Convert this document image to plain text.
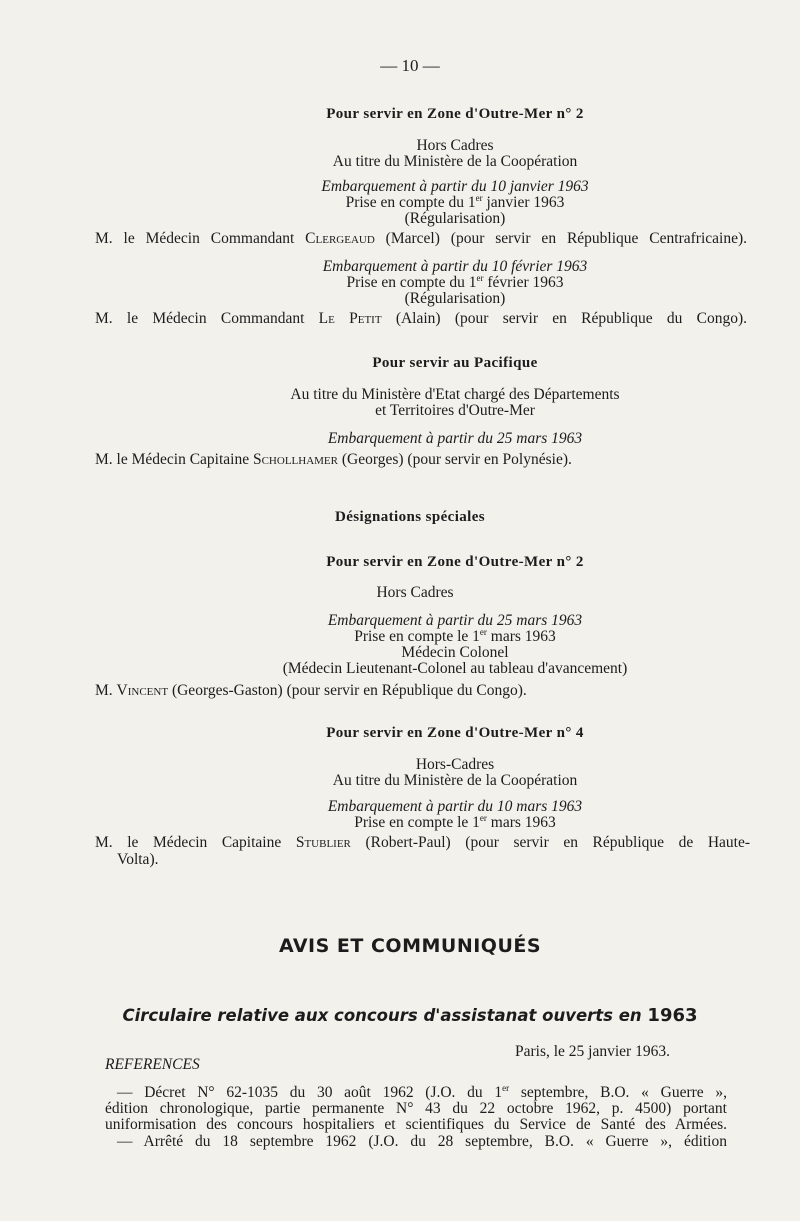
— 10 —
Pour servir en Zone d'Outre-Mer n° 2
Hors Cadres
Au titre du Ministère de la Coopération
Embarquement à partir du 10 janvier 1963
Prise en compte du 1er janvier 1963
(Régularisation)
M. le Médecin Commandant Clergeaud (Marcel) (pour servir en République Centrafricaine).
Embarquement à partir du 10 février 1963
Prise en compte du 1er février 1963
(Régularisation)
M. le Médecin Commandant Le Petit (Alain) (pour servir en République du Congo).
Pour servir au Pacifique
Au titre du Ministère d'Etat chargé des Départements
et Territoires d'Outre-Mer
Embarquement à partir du 25 mars 1963
M. le Médecin Capitaine Schollhamer (Georges) (pour servir en Polynésie).
Désignations spéciales
Pour servir en Zone d'Outre-Mer n° 2
Hors Cadres
Embarquement à partir du 25 mars 1963
Prise en compte le 1er mars 1963
Médecin Colonel
(Médecin Lieutenant-Colonel au tableau d'avancement)
M. Vincent (Georges-Gaston) (pour servir en République du Congo).
Pour servir en Zone d'Outre-Mer n° 4
Hors-Cadres
Au titre du Ministère de la Coopération
Embarquement à partir du 10 mars 1963
Prise en compte le 1er mars 1963
M. le Médecin Capitaine Stublier (Robert-Paul) (pour servir en République de Haute-
Volta).
AVIS ET COMMUNIQUÉS
Circulaire relative aux concours d'assistanat ouverts en 1963
Paris, le 25 janvier 1963.
REFERENCES
— Décret N° 62-1035 du 30 août 1962 (J.O. du 1er septembre, B.O. « Guerre »,
édition chronologique, partie permanente N° 43 du 22 octobre 1962, p. 4500) portant
uniformisation des concours hospitaliers et scientifiques du Service de Santé des Armées.
— Arrêté du 18 septembre 1962 (J.O. du 28 septembre, B.O. « Guerre », édition
